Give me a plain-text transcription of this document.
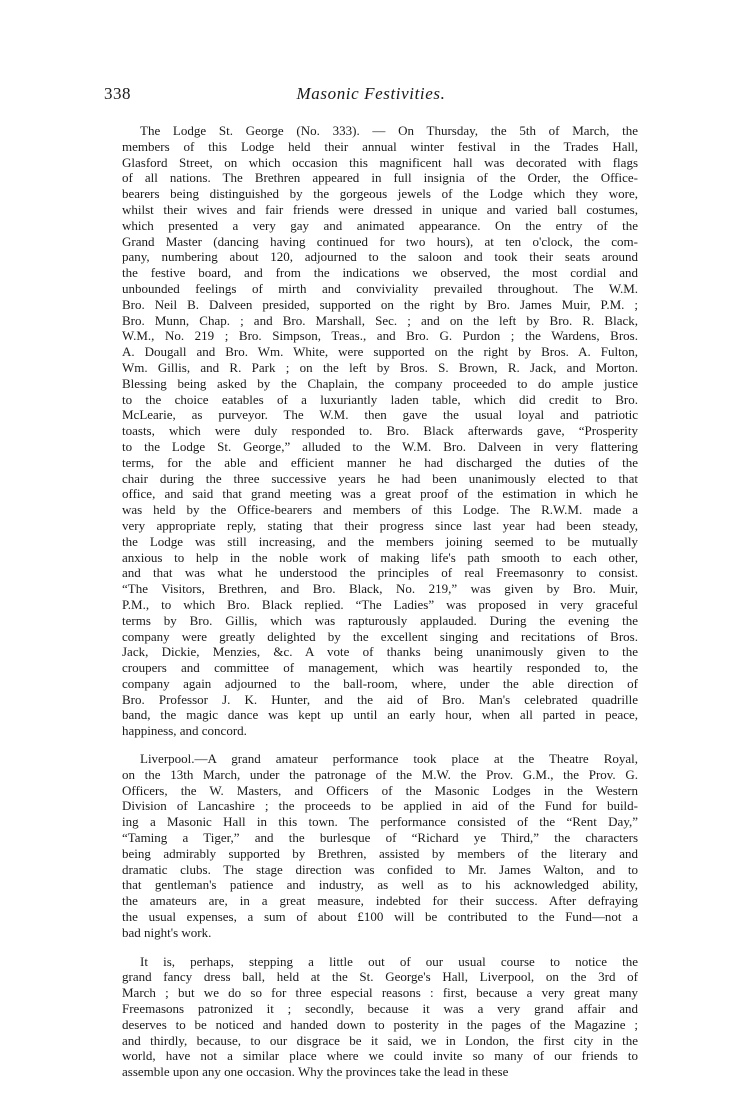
338	Masonic Festivities.

The Lodge St. George (No. 333). — On Thursday, the 5th of March, the
members of this Lodge held their annual winter festival in the Trades Hall,
Glasford Street, on which occasion this magnificent hall was decorated with flags
of all nations. The Brethren appeared in full insignia of the Order, the Office-
bearers being distinguished by the gorgeous jewels of the Lodge which they wore,
whilst their wives and fair friends were dressed in unique and varied ball costumes,
which presented a very gay and animated appearance. On the entry of the
Grand Master (dancing having continued for two hours), at ten o'clock, the com-
pany, numbering about 120, adjourned to the saloon and took their seats around
the festive board, and from the indications we observed, the most cordial and
unbounded feelings of mirth and conviviality prevailed throughout. The W.M.
Bro. Neil B. Dalveen presided, supported on the right by Bro. James Muir, P.M. ;
Bro. Munn, Chap. ; and Bro. Marshall, Sec. ; and on the left by Bro. R. Black,
W.M., No. 219 ; Bro. Simpson, Treas., and Bro. G. Purdon ; the Wardens, Bros.
A. Dougall and Bro. Wm. White, were supported on the right by Bros. A. Fulton,
Wm. Gillis, and R. Park ; on the left by Bros. S. Brown, R. Jack, and Morton.
Blessing being asked by the Chaplain, the company proceeded to do ample justice
to the choice eatables of a luxuriantly laden table, which did credit to Bro.
McLearie, as purveyor. The W.M. then gave the usual loyal and patriotic
toasts, which were duly responded to. Bro. Black afterwards gave, “Prosperity
to the Lodge St. George,” alluded to the W.M. Bro. Dalveen in very flattering
terms, for the able and efficient manner he had discharged the duties of the
chair during the three successive years he had been unanimously elected to that
office, and said that grand meeting was a great proof of the estimation in which he
was held by the Office-bearers and members of this Lodge. The R.W.M. made a
very appropriate reply, stating that their progress since last year had been steady,
the Lodge was still increasing, and the members joining seemed to be mutually
anxious to help in the noble work of making life's path smooth to each other,
and that was what he understood the principles of real Freemasonry to consist.
“The Visitors, Brethren, and Bro. Black, No. 219,” was given by Bro. Muir,
P.M., to which Bro. Black replied. “The Ladies” was proposed in very graceful
terms by Bro. Gillis, which was rapturously applauded. During the evening the
company were greatly delighted by the excellent singing and recitations of Bros.
Jack, Dickie, Menzies, &c. A vote of thanks being unanimously given to the
croupers and committee of management, which was heartily responded to, the
company again adjourned to the ball-room, where, under the able direction of
Bro. Professor J. K. Hunter, and the aid of Bro. Man's celebrated quadrille
band, the magic dance was kept up until an early hour, when all parted in peace,
happiness, and concord.

Liverpool.—A grand amateur performance took place at the Theatre Royal,
on the 13th March, under the patronage of the M.W. the Prov. G.M., the Prov. G.
Officers, the W. Masters, and Officers of the Masonic Lodges in the Western
Division of Lancashire ; the proceeds to be applied in aid of the Fund for build-
ing a Masonic Hall in this town. The performance consisted of the “Rent Day,”
“Taming a Tiger,” and the burlesque of “Richard ye Third,” the characters
being admirably supported by Brethren, assisted by members of the literary and
dramatic clubs. The stage direction was confided to Mr. James Walton, and to
that gentleman's patience and industry, as well as to his acknowledged ability,
the amateurs are, in a great measure, indebted for their success. After defraying
the usual expenses, a sum of about £100 will be contributed to the Fund—not a
bad night's work.

It is, perhaps, stepping a little out of our usual course to notice the
grand fancy dress ball, held at the St. George's Hall, Liverpool, on the 3rd of
March ; but we do so for three especial reasons : first, because a very great many
Freemasons patronized it ; secondly, because it was a very grand affair and
deserves to be noticed and handed down to posterity in the pages of the Magazine ;
and thirdly, because, to our disgrace be it said, we in London, the first city in the
world, have not a similar place where we could invite so many of our friends to
assemble upon any one occasion. Why the provinces take the lead in these
